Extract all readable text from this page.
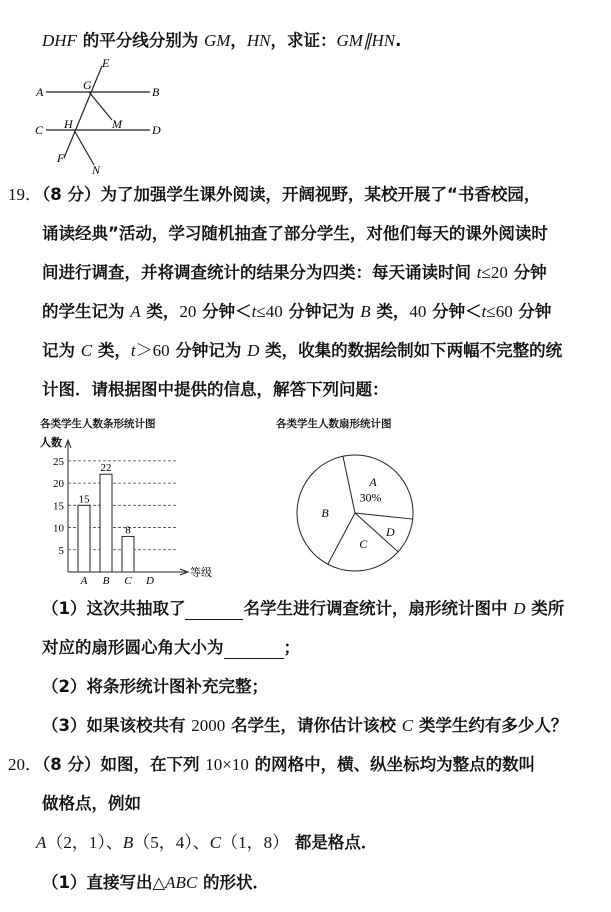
DHF 的平分线分别为 GM，HN，求证：GM∥HN.
E
A	G	B
C H	M	D
F
N
19．（8 分）为了加强学生课外阅读，开阔视野，某校开展了“书香校园，
诵读经典”活动，学习随机抽查了部分学生，对他们每天的课外阅读时
间进行调查，并将调查统计的结果分为四类：每天诵读时间 t≤20 分钟
的学生记为 A 类，20 分钟＜t≤40 分钟记为 B 类，40 分钟＜t≤60 分钟
记为 C 类，t＞60 分钟记为 D 类，收集的数据绘制如下两幅不完整的统
计图．请根据图中提供的信息，解答下列问题：
各类学生人数条形统计图	各类学生人数扇形统计图
人数
等级
5
10
15
20
25
15
A
22
B
8
C D
A
30%
B
C
D
（1）这次共抽取了	名学生进行调查统计，扇形统计图中 D 类所
对应的扇形圆心角大小为	；
（2）将条形统计图补充完整；
（3）如果该校共有 2000 名学生，请你估计该校 C 类学生约有多少人？
20．（8 分）如图，在下列 10×10 的网格中，横、纵坐标均为整点的数叫
做格点，例如
A（2，1）、B（5，4）、C（1，8） 都是格点．
（1）直接写出△ABC 的形状．
